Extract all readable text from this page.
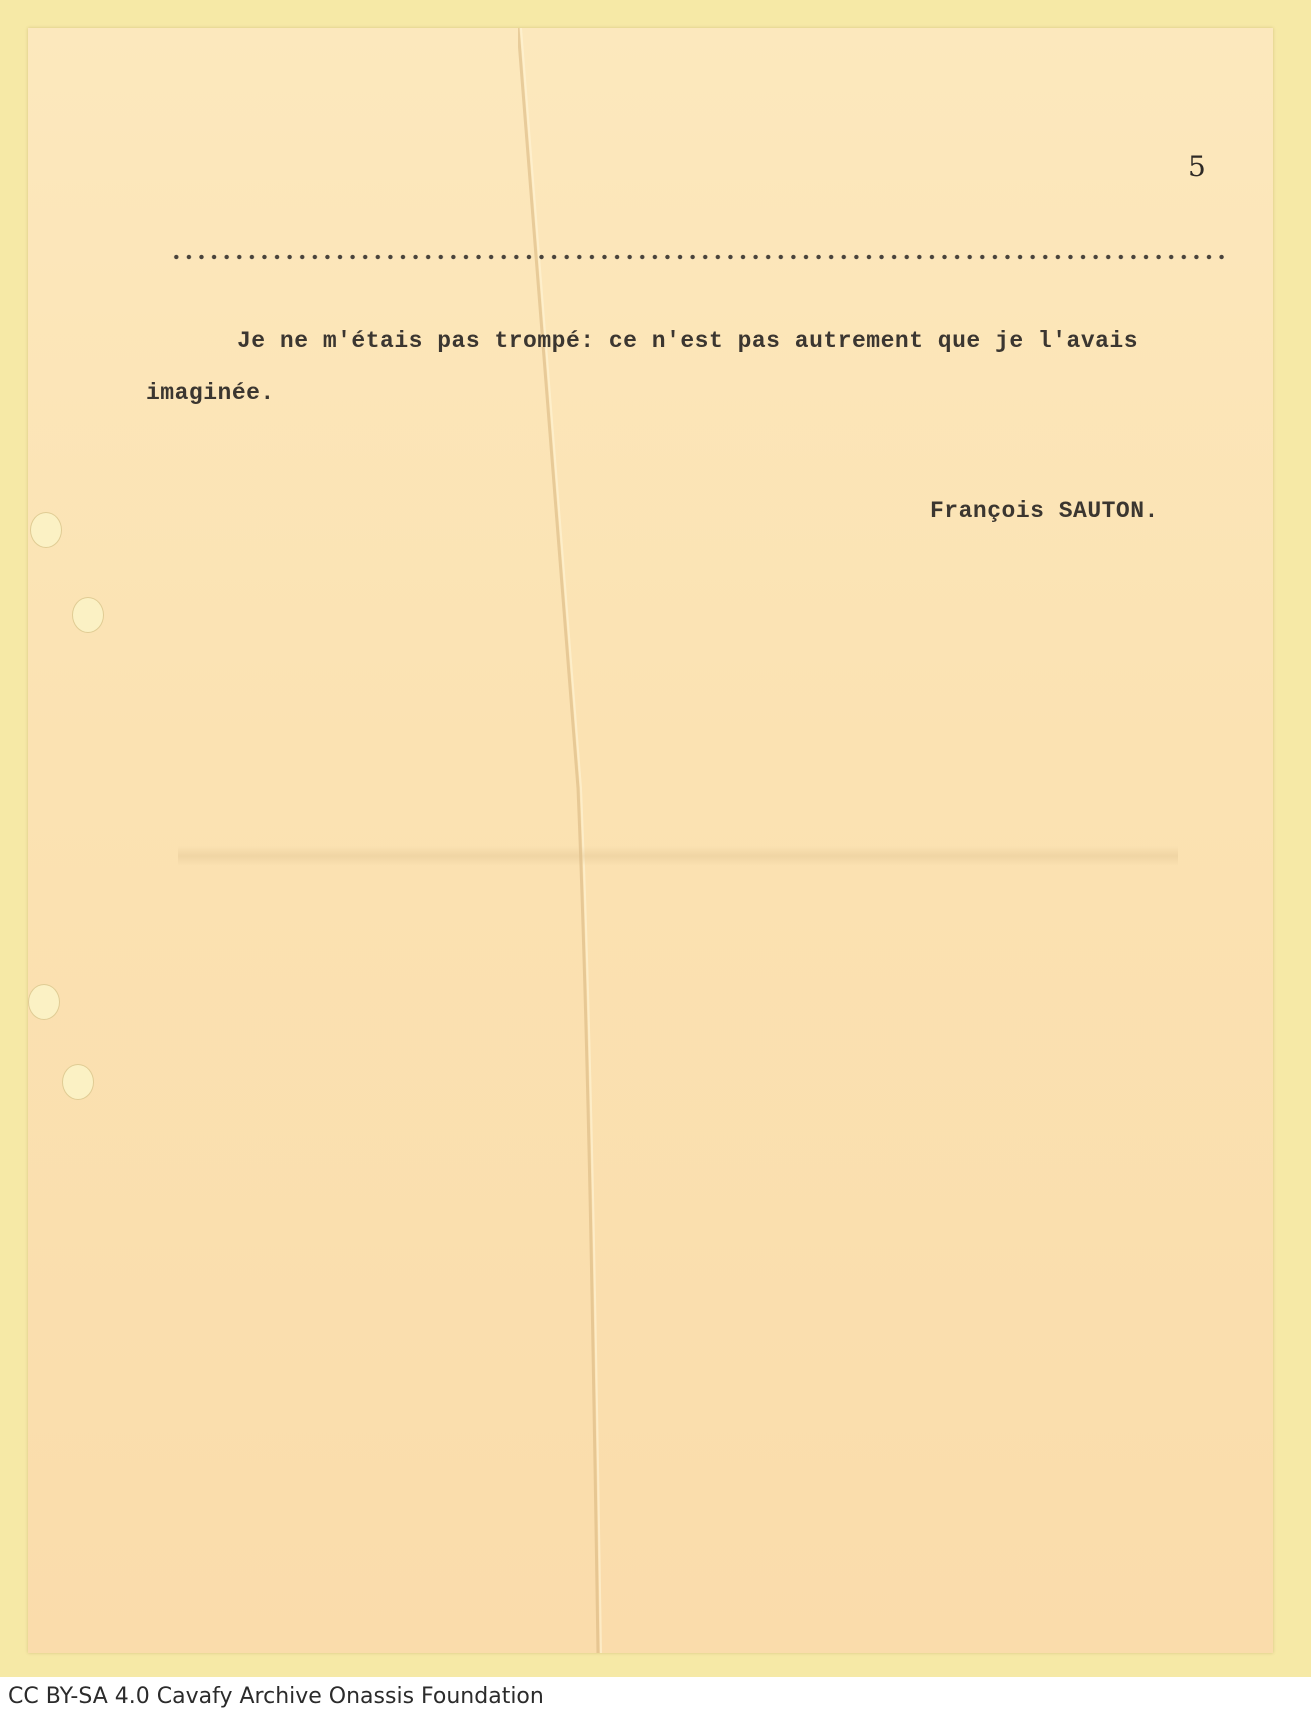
5
Je ne m'étais pas trompé: ce n'est pas autrement que je l'avais
imaginée.
François SAUTON.
CC BY-SA 4.0 Cavafy Archive Onassis Foundation
